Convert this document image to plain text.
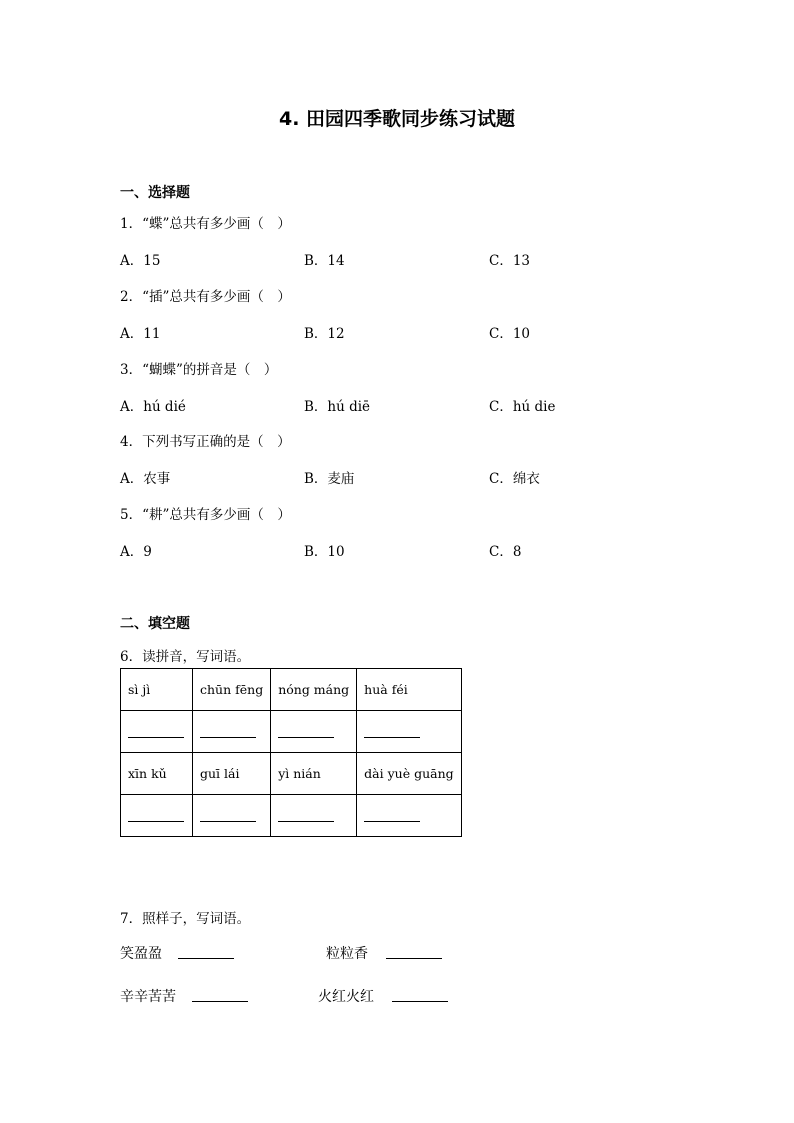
4. 田园四季歌同步练习试题
一、选择题
1．“蝶”总共有多少画（　）
A．15	B．14	C．13
2．“插”总共有多少画（　）
A．11	B．12	C．10
3．“蝴蝶”的拼音是（　）
A．hú dié	B．hú diē	C．hú die
4．下列书写正确的是（　）
A．农事	B．麦庙	C．绵衣
5．“耕”总共有多少画（　）
A．9	B．10	C．8
二、填空题
6．读拼音，写词语。
sì jì	chūn fēng	nóng máng	huà féi

xīn kǔ	guī lái	yì nián	dài yuè guāng

7．照样子，写词语。
笑盈盈	粒粒香
辛辛苦苦	火红火红
